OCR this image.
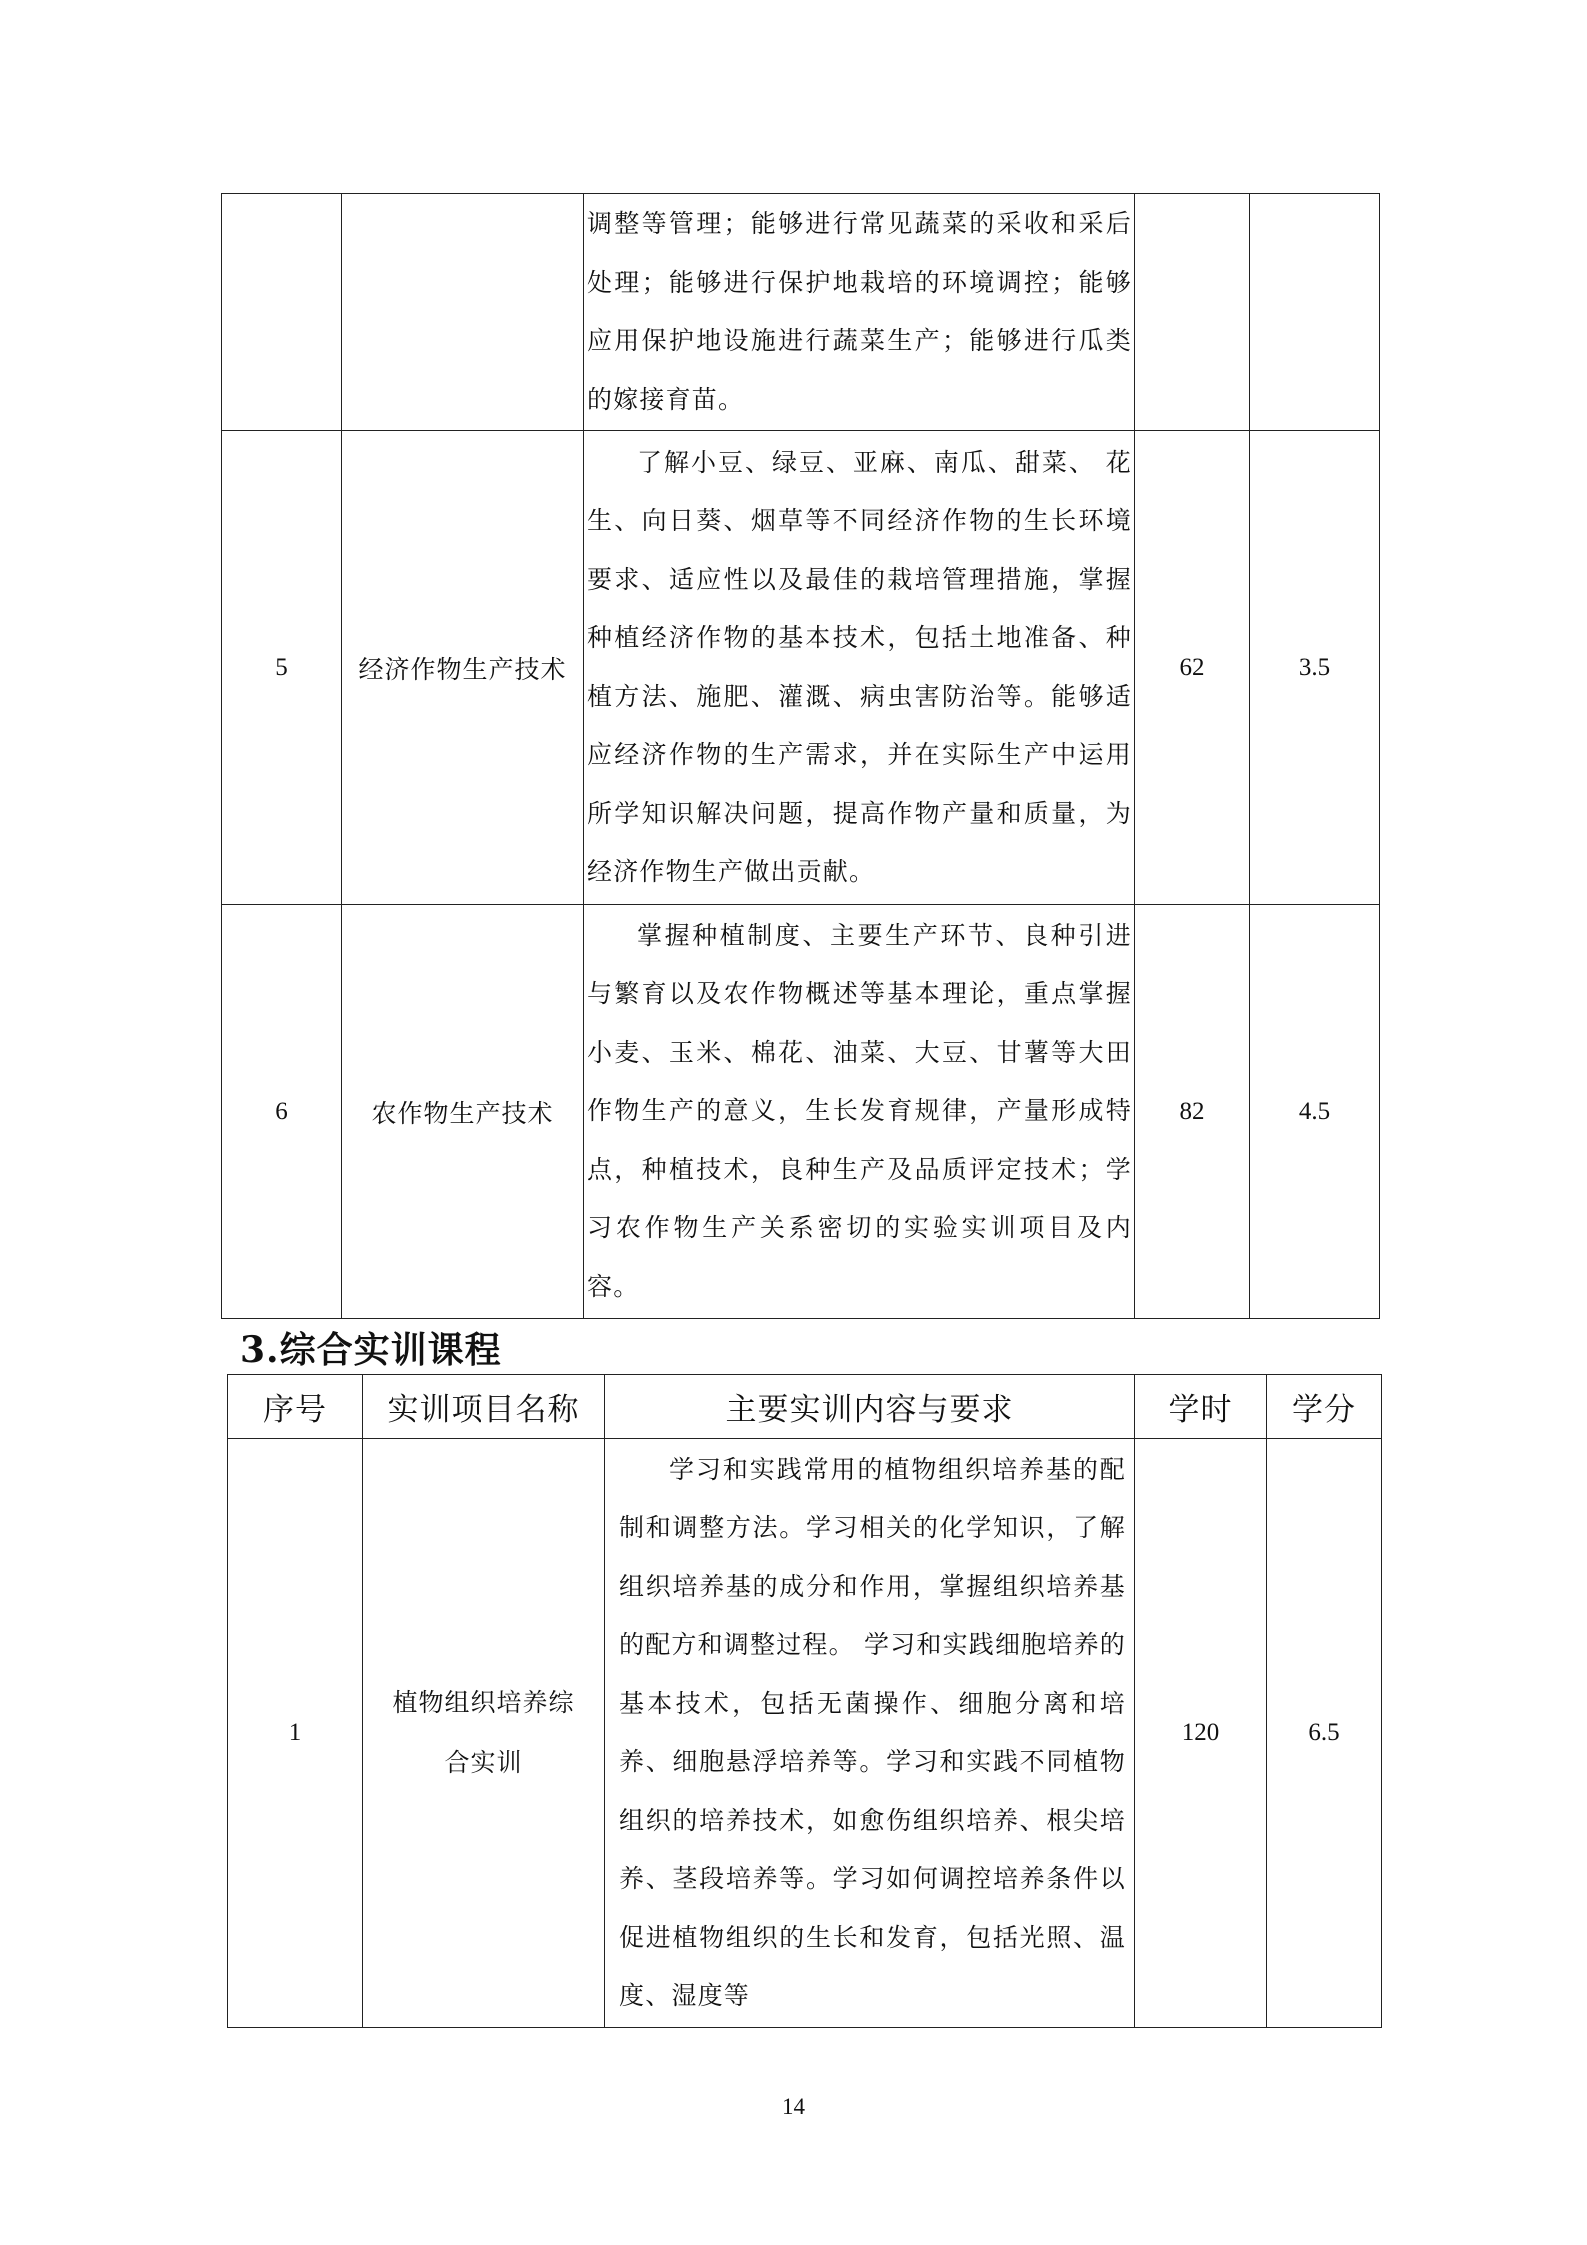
		调整等管理；能够进行常见蔬菜的采收和采后处理；能够进行保护地栽培的环境调控；能够应用保护地设施进行蔬菜生产；能够进行瓜类的嫁接育苗。		

5	经济作物生产技术	了解小豆、绿豆、亚麻、南瓜、甜菜、 花生、向日葵、烟草等不同经济作物的生长环境要求、适应性以及最佳的栽培管理措施，掌握种植经济作物的基本技术，包括土地准备、种植方法、施肥、灌溉、病虫害防治等。能够适应经济作物的生产需求，并在实际生产中运用所学知识解决问题，提高作物产量和质量，为经济作物生产做出贡献。	62	3.5
6	农作物生产技术	掌握种植制度、主要生产环节、良种引进与繁育以及农作物概述等基本理论，重点掌握小麦、玉米、棉花、油菜、大豆、甘薯等大田作物生产的意义，生长发育规律，产量形成特点，种植技术，良种生产及品质评定技术；学习农作物生产关系密切的实验实训项目及内容。	82	4.5
3.综合实训课程
序号	实训项目名称	主要实训内容与要求	学时	学分
1	植物组织培养综合实训	学习和实践常用的植物组织培养基的配制和调整方法。学习相关的化学知识，了解组织培养基的成分和作用，掌握组织培养基的配方和调整过程。 学习和实践细胞培养的基本技术，包括无菌操作、细胞分离和培养、细胞悬浮培养等。学习和实践不同植物组织的培养技术，如愈伤组织培养、根尖培养、茎段培养等。学习如何调控培养条件以促进植物组织的生长和发育，包括光照、温度、湿度等	120	6.5
14
